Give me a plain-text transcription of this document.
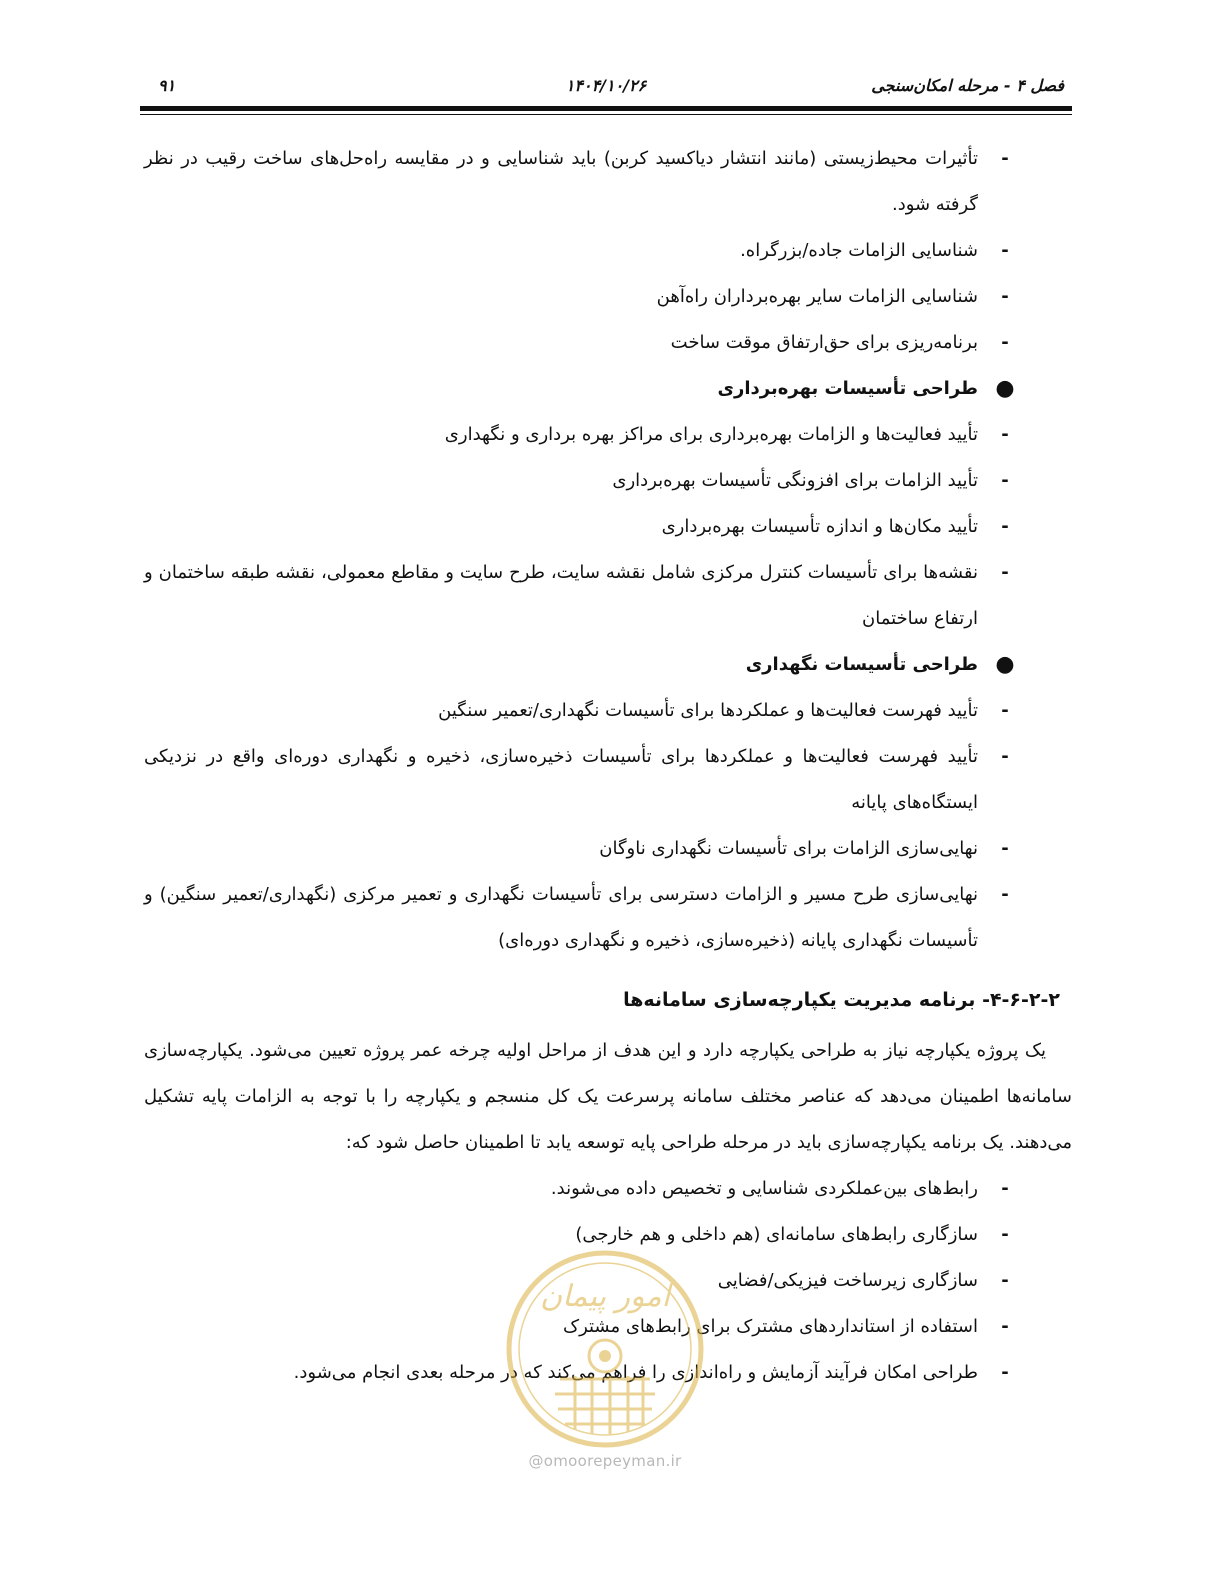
فصل ۴ - مرحله امکان‌سنجی
۱۴۰۴/۱۰/۲۶
۹۱
-

تأثیرات محیط‌زیستی (مانند انتشار دیاکسید کربن) باید شناسایی و در مقایسه راه‌حل‌های ساخت رقیب در نظر گرفته شود.

-

شناسایی الزامات جاده/بزرگراه.

-

شناسایی الزامات سایر بهره‌برداران راه‌آهن

-

برنامه‌ریزی برای حق‌ارتفاق موقت ساخت

●

طراحی تأسیسات بهره‌برداری

-

تأیید فعالیت‌ها و الزامات بهره‌برداری برای مراکز بهره برداری و نگهداری

-

تأیید الزامات برای افزونگی تأسیسات بهره‌برداری

-

تأیید مکان‌ها و اندازه تأسیسات بهره‌برداری

-

نقشه‌ها برای تأسیسات کنترل مرکزی شامل نقشه سایت، طرح سایت و مقاطع معمولی، نقشه طبقه ساختمان و ارتفاع ساختمان

●

طراحی تأسیسات نگهداری

-

تأیید فهرست فعالیت‌ها و عملکردها برای تأسیسات نگهداری/تعمیر سنگین

-

تأیید فهرست فعالیت‌ها و عملکردها برای تأسیسات ذخیره‌سازی، ذخیره و نگهداری دوره‌ای واقع در نزدیکی ایستگاه‌های پایانه

-

نهایی‌سازی الزامات برای تأسیسات نگهداری ناوگان

-

نهایی‌سازی طرح مسیر و الزامات دسترسی برای تأسیسات نگهداری و تعمیر مرکزی (نگهداری/تعمیر سنگین) و تأسیسات نگهداری پایانه (ذخیره‌سازی، ذخیره و نگهداری دوره‌ای)

۴-۶-۲-۲- برنامه مدیریت یکپارچه‌سازی سامانه‌ها

یک پروژه یکپارچه نیاز به طراحی یکپارچه دارد و این هدف از مراحل اولیه چرخه عمر پروژه تعیین می‌شود. یکپارچه‌سازی سامانه‌ها اطمینان می‌دهد که عناصر مختلف سامانه پرسرعت یک کل منسجم و یکپارچه را با توجه به الزامات پایه تشکیل می‌دهند. یک برنامه یکپارچه‌سازی باید در مرحله طراحی پایه توسعه یابد تا اطمینان حاصل شود که:

-

رابط‌های بین‌عملکردی شناسایی و تخصیص داده می‌شوند.

-

سازگاری رابط‌های سامانه‌ای (هم داخلی و هم خارجی)

-

سازگاری زیرساخت فیزیکی/فضایی

-

استفاده از استانداردهای مشترک برای رابط‌های مشترک

-

طراحی امکان فرآیند آزمایش و راه‌اندازی را فراهم می‌کند که در مرحله بعدی انجام می‌شود.

امور پیمان
@omoorepeyman.ir
